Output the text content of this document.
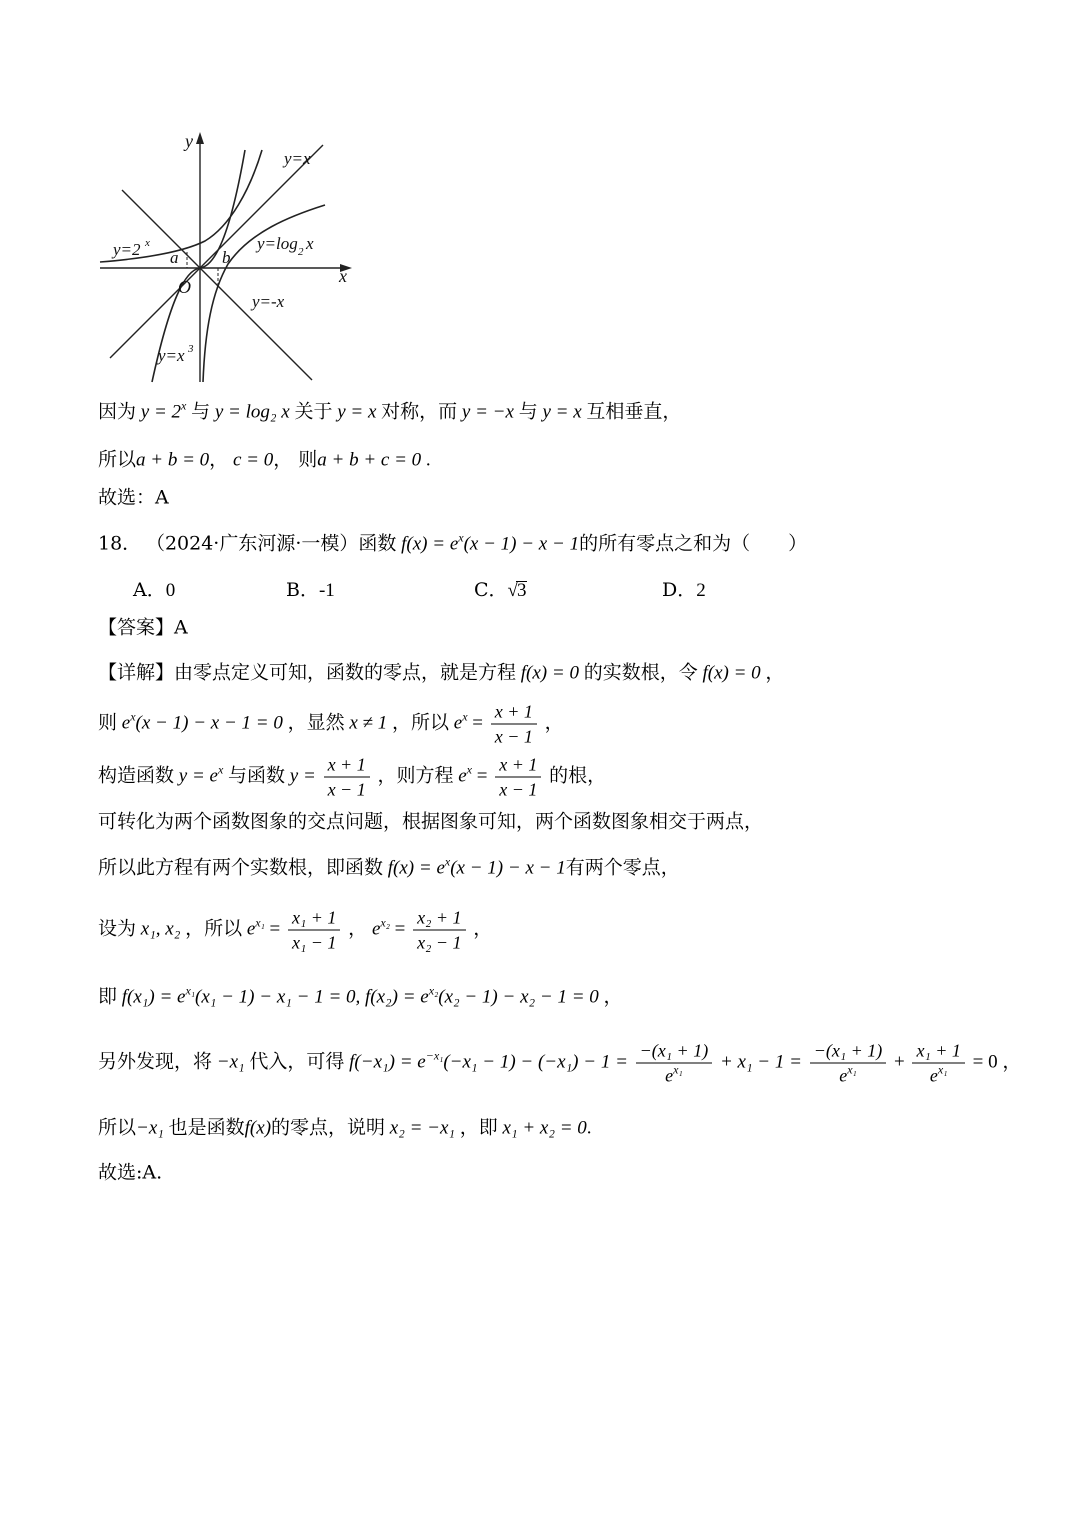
y
x
O
a	b
y=x
y=2 x	y=log 2 x
y=-x
y=x 3
因为 $y = 2^x$ 与 y = log₂ x 关于 y = x 对称，而 y = −x 与 y = x 互相垂直，
所以a + b = 0， c = 0， 则a + b + c = 0 .
故选：A
18． （2024·广东河源·一模）函数 $f(x) = e^x(x - 1) - x - 1$的所有零点之和为（　　）
A．0	B．-1	C．√3	D．2
【答案】A
【详解】由零点定义可知，函数的零点，就是方程 f(x) = 0 的实数根，令 f(x) = 0 ，
则 $e^x(x - 1) - x - 1 = 0$ ，显然 x ≠ 1 ，所以 $e^x = \frac{x + 1}{x - 1}$ ，
构造函数 $y = e^x$ 与函数 $y = \frac{x + 1}{x - 1}$ ，则方程 $e^x = \frac{x + 1}{x - 1}$ 的根，
可转化为两个函数图象的交点问题，根据图象可知，两个函数图象相交于两点，
所以此方程有两个实数根，即函数 $f(x) = e^x(x - 1) - x - 1$有两个零点，
设为 x₁, x₂ ，所以 $e^{x_1} = \frac{\text{x₁ + 1}}{\text{x₁ − 1}}$ ， $e^{x_2} = \frac{\text{x₂ + 1}}{\text{x₂ − 1}}$ ，
即 $f(x_1) = e^{x_1}(x_1 - 1) - x_1 - 1 = 0$, $f(x_2) = e^{x_2}(x_2 - 1) - x_2 - 1 = 0$ ，
另外发现，将 −x₁ 代入，可得 $f(-x_1) = e^{-x_1}(-x_1 - 1) - (-x_1) - 1 = \frac{\text{−(x₁ + 1)}}{e^{x_1}} + x_1 - 1 = \frac{\text{−(x₁ + 1)}}{e^{x_1}} + \frac{\text{x₁ + 1}}{e^{x_1}} = 0$ ，
所以−x₁ 也是函数f(x)的零点，说明 x₂ = −x₁ ，即 x₁ + x₂ = 0.
故选:A.
